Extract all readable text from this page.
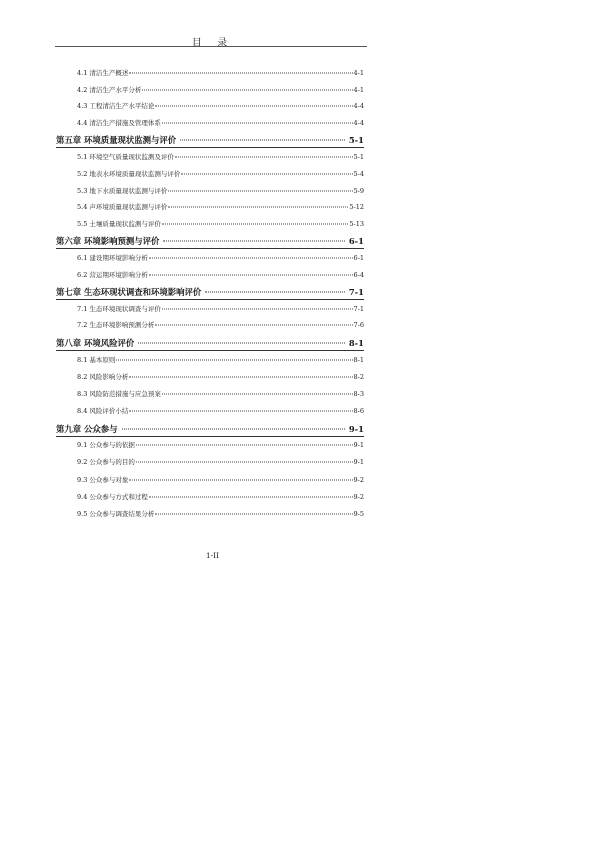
目 录
4.1 清洁生产概述	4-1
4.2 清洁生产水平分析	4-1
4.3 工程清洁生产水平结论	4-4
4.4 清洁生产措施及管理体系	4-4
第五章 环境质量现状监测与评价	5-1
5.1 环境空气质量现状监测及评价	5-1
5.2 地表水环境质量现状监测与评价	5-4
5.3 地下水质量现状监测与评价	5-9
5.4 声环境质量现状监测与评价	5-12
5.5 土壤质量现状监测与评价	5-13
第六章 环境影响预测与评价	6-1
6.1 建设期环境影响分析	6-1
6.2 营运期环境影响分析	6-4
第七章 生态环现状调查和环境影响评价	7-1
7.1 生态环境现状调查与评价	7-1
7.2 生态环境影响预测分析	7-6
第八章 环境风险评价	8-1
8.1 基本原则	8-1
8.2 风险影响分析	8-2
8.3 风险防范措施与应急预案	8-3
8.4 风险评价小结	8-6
第九章 公众参与	9-1
9.1 公众参与的依据	9-1
9.2 公众参与的目的	9-1
9.3 公众参与对象	9-2
9.4 公众参与方式和过程	9-2
9.5 公众参与调查结果分析	9-5
1-II
